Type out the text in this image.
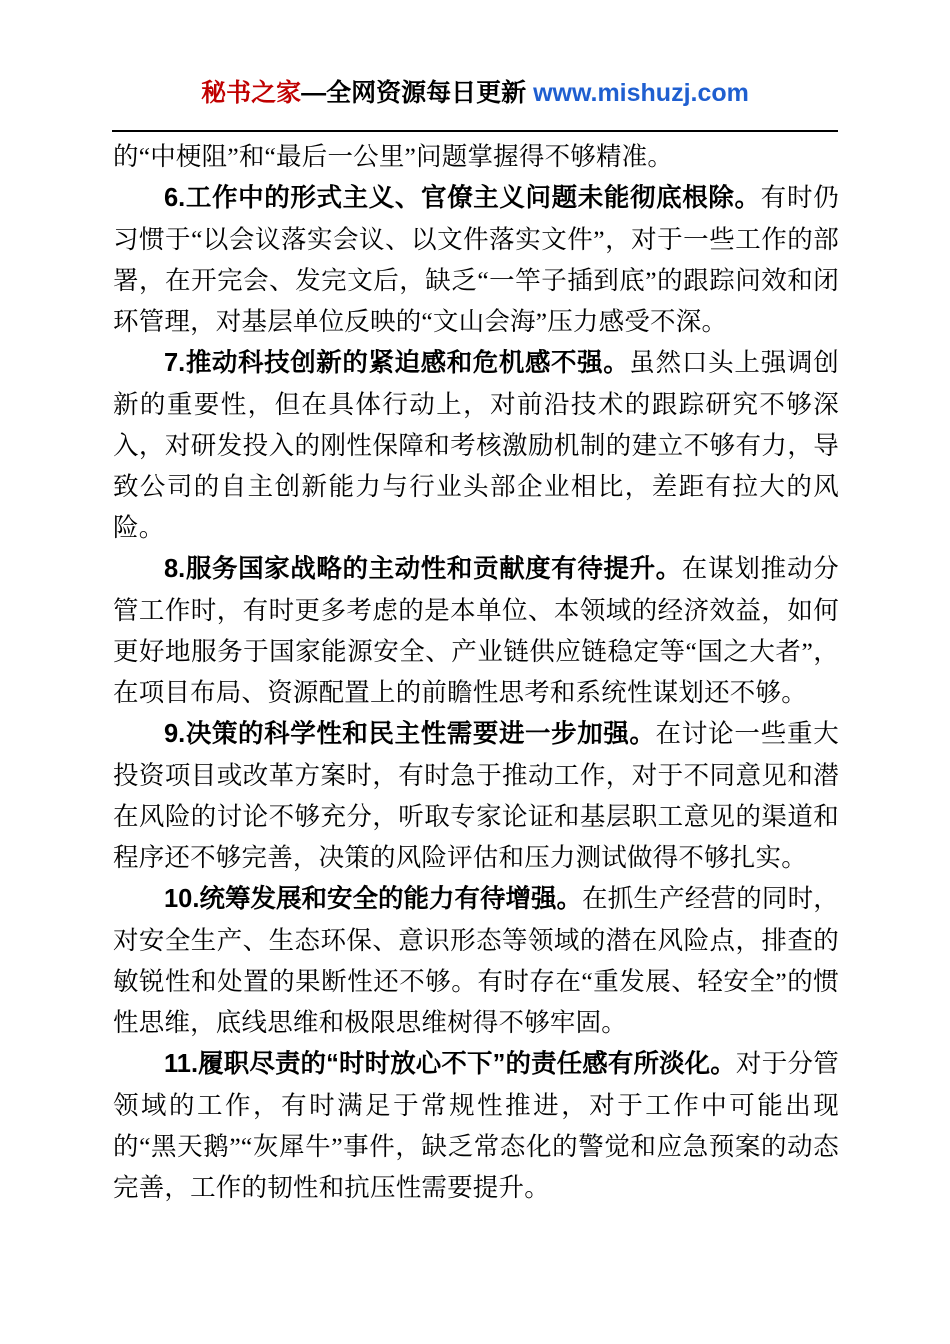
秘书之家—全网资源每日更新 www.mishuzj.com

的“中梗阻”和“最后一公里”问题掌握得不够精准。

6.工作中的形式主义、官僚主义问题未能彻底根除。有时仍习惯于“以会议落实会议、以文件落实文件”，对于一些工作的部署，在开完会、发完文后，缺乏“一竿子插到底”的跟踪问效和闭环管理，对基层单位反映的“文山会海”压力感受不深。

7.推动科技创新的紧迫感和危机感不强。虽然口头上强调创新的重要性，但在具体行动上，对前沿技术的跟踪研究不够深入，对研发投入的刚性保障和考核激励机制的建立不够有力，导致公司的自主创新能力与行业头部企业相比，差距有拉大的风险。

8.服务国家战略的主动性和贡献度有待提升。在谋划推动分管工作时，有时更多考虑的是本单位、本领域的经济效益，如何更好地服务于国家能源安全、产业链供应链稳定等“国之大者”，在项目布局、资源配置上的前瞻性思考和系统性谋划还不够。

9.决策的科学性和民主性需要进一步加强。在讨论一些重大投资项目或改革方案时，有时急于推动工作，对于不同意见和潜在风险的讨论不够充分，听取专家论证和基层职工意见的渠道和程序还不够完善，决策的风险评估和压力测试做得不够扎实。

10.统筹发展和安全的能力有待增强。在抓生产经营的同时，对安全生产、生态环保、意识形态等领域的潜在风险点，排查的敏锐性和处置的果断性还不够。有时存在“重发展、轻安全”的惯性思维，底线思维和极限思维树得不够牢固。

11.履职尽责的“时时放心不下”的责任感有所淡化。对于分管领域的工作，有时满足于常规性推进，对于工作中可能出现的“黑天鹅”“灰犀牛”事件，缺乏常态化的警觉和应急预案的动态完善，工作的韧性和抗压性需要提升。
